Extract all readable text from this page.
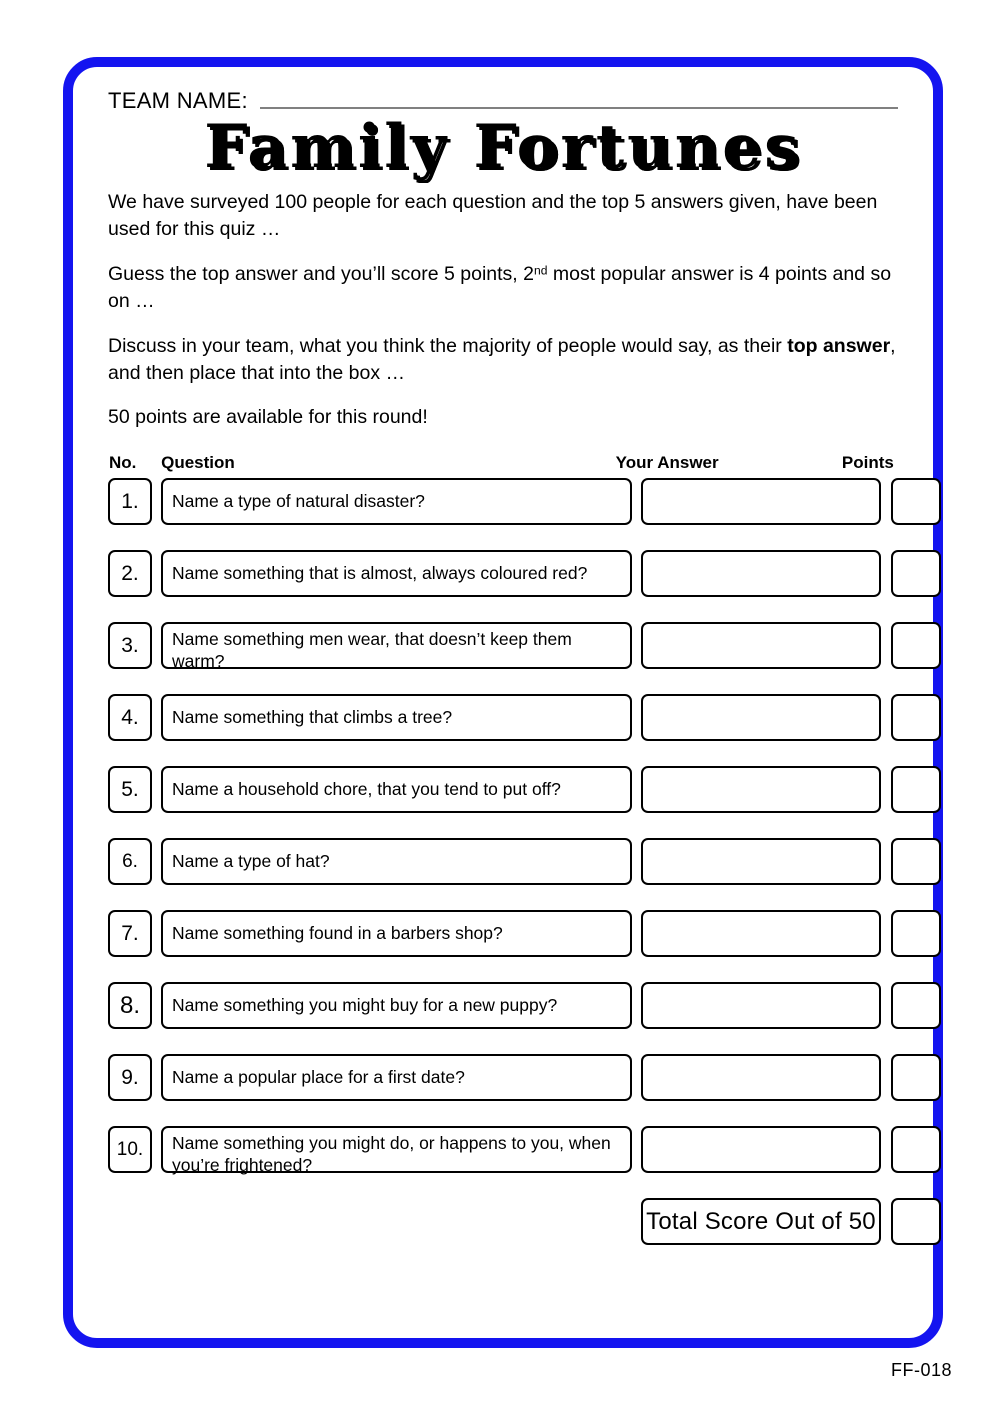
TEAM NAME:
Family Fortunes

We have surveyed 100 people for each question and the top 5 answers given, have been used for this quiz …

Guess the top answer and you’ll score 5 points, 2nd most popular answer is 4 points and so on …

Discuss in your team, what you think the majority of people would say, as their top answer, and then place that into the box …

50 points are available for this round!

No.	Question	Your Answer	Points
1.	Name a type of natural disaster?
2.	Name something that is almost, always coloured red?
3.	Name something men wear, that doesn’t keep them warm?
4.	Name something that climbs a tree?
5.	Name a household chore, that you tend to put off?
6.	Name a type of hat?
7.	Name something found in a barbers shop?
8.	Name something you might buy for a new puppy?
9.	Name a popular place for a first date?
10.	Name something you might do, or happens to you, when you’re frightened?
Total Score Out of 50
FF-018
